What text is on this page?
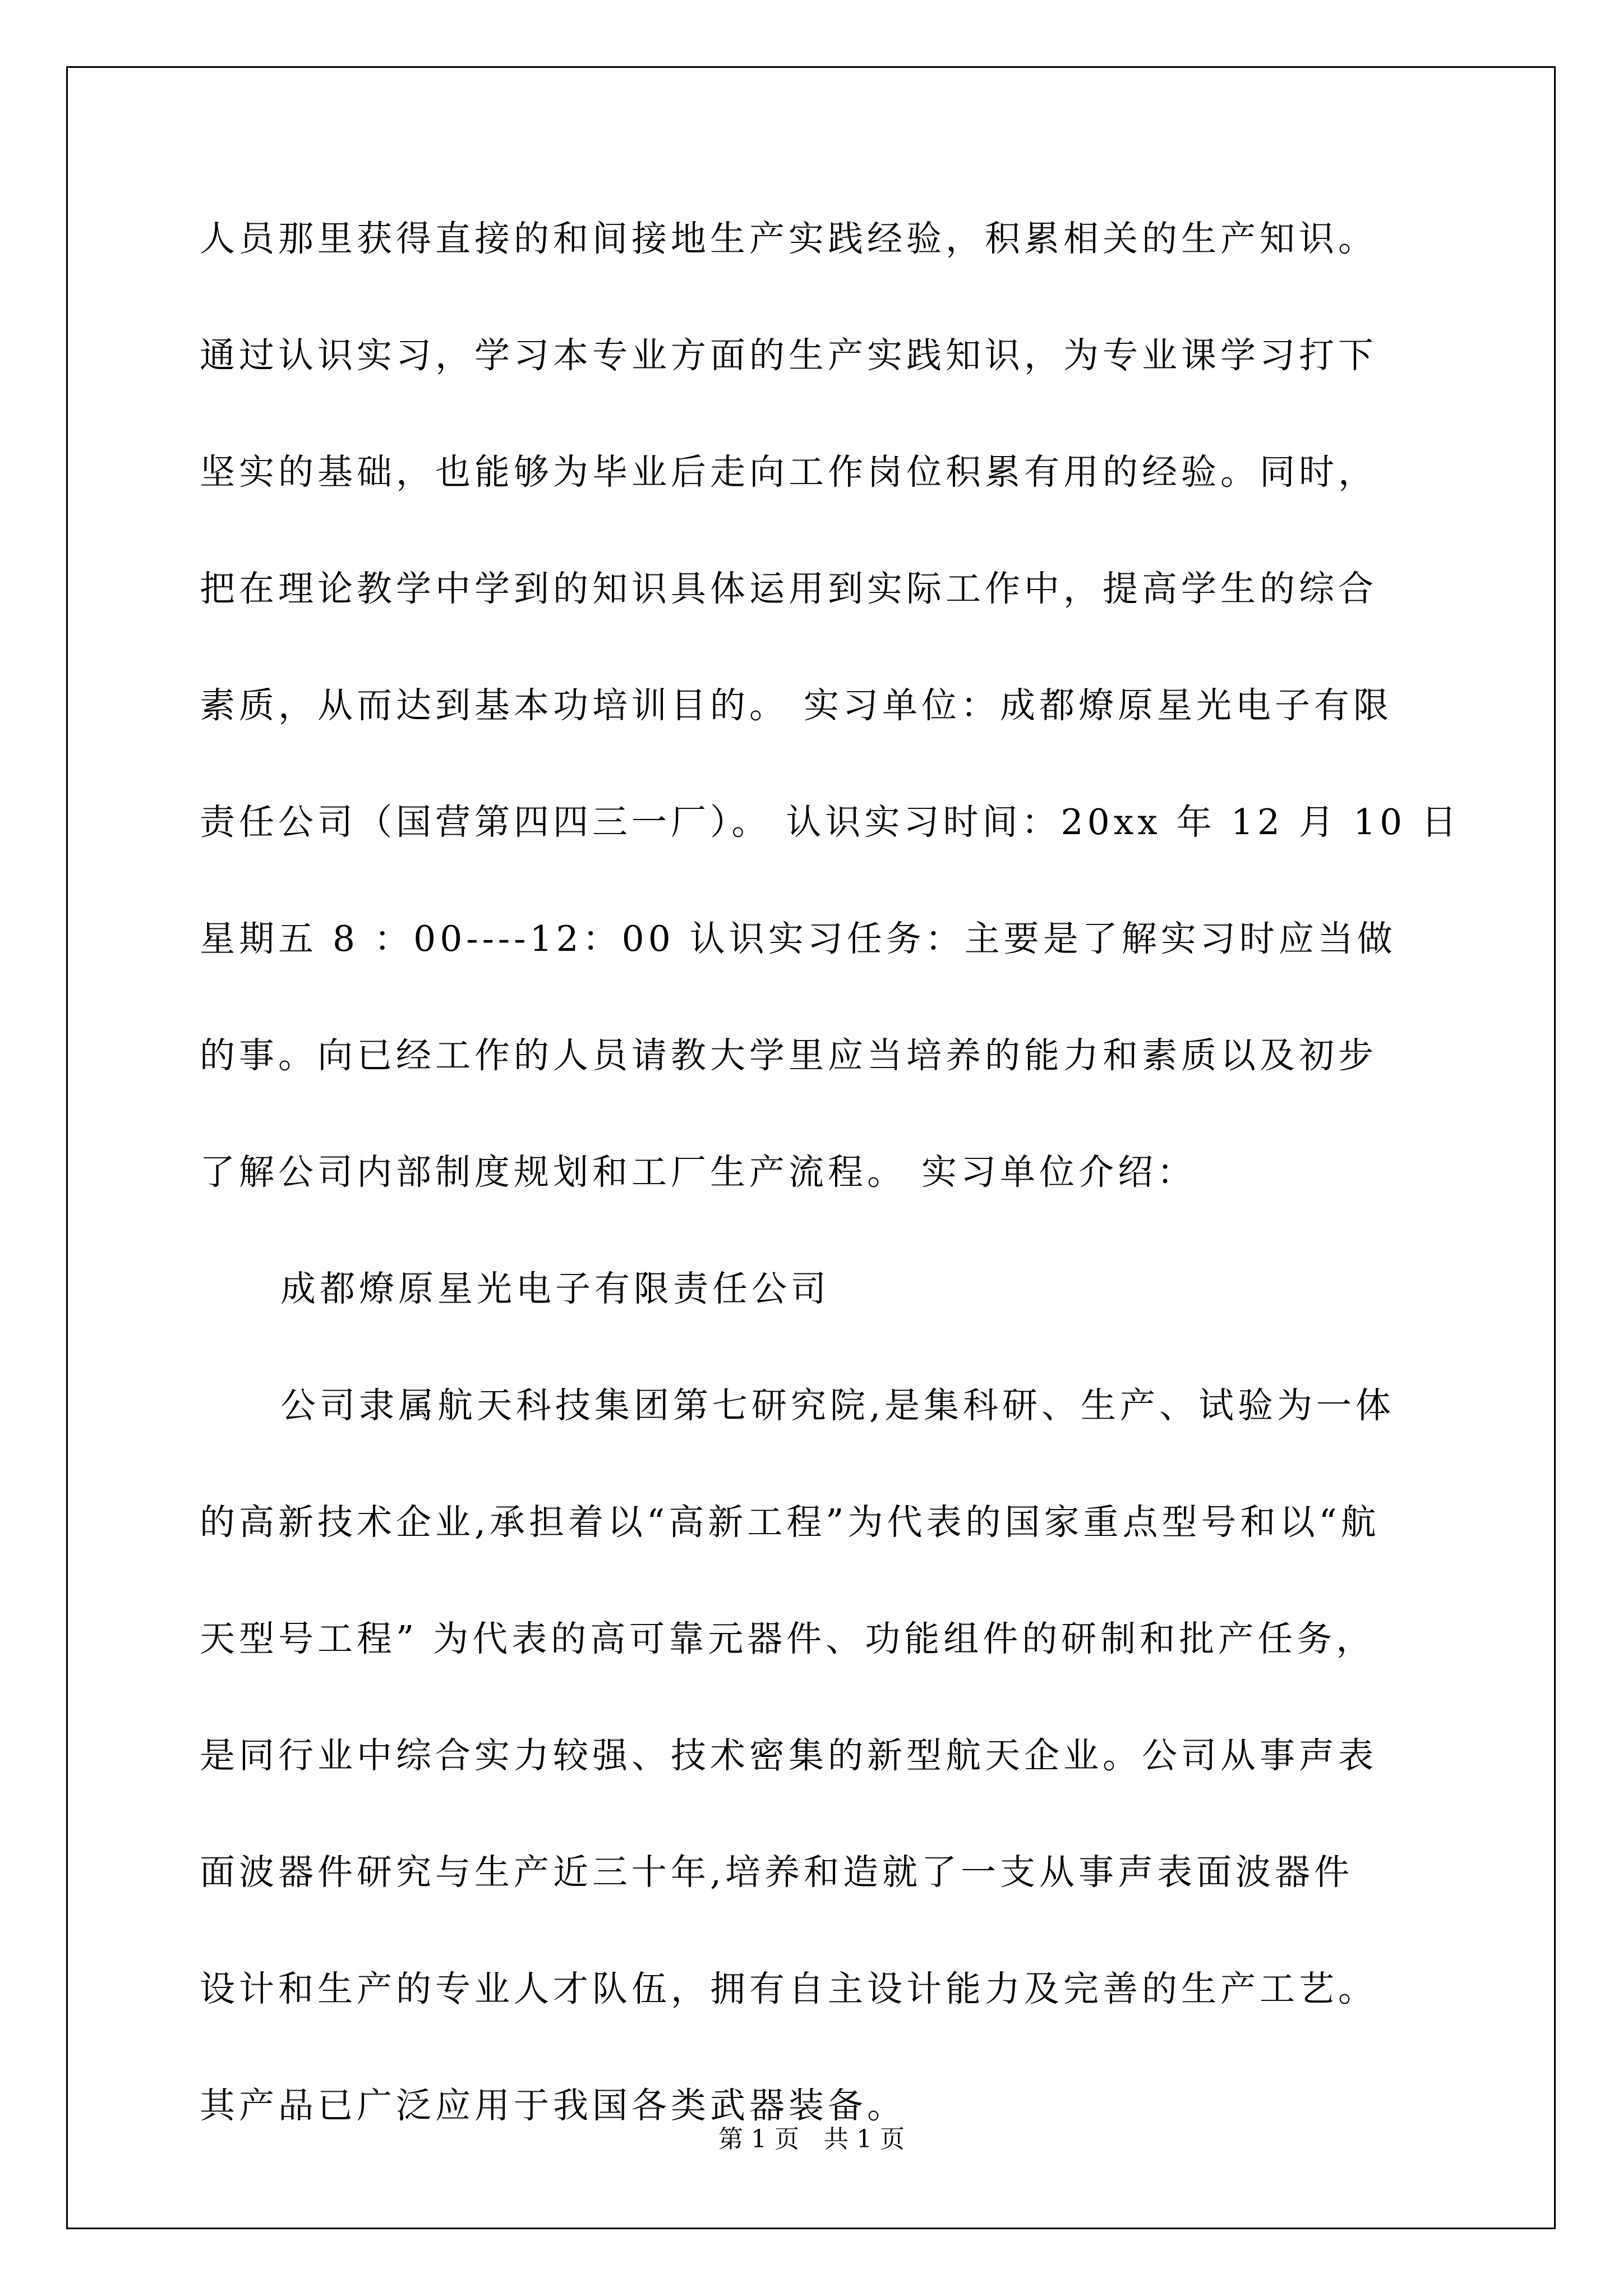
人员那里获得直接的和间接地生产实践经验，积累相关的生产知识。
通过认识实习，学习本专业方面的生产实践知识，为专业课学习打下
坚实的基础，也能够为毕业后走向工作岗位积累有用的经验。同时，
把在理论教学中学到的知识具体运用到实际工作中，提高学生的综合
素质，从而达到基本功培训目的。 实习单位：成都燎原星光电子有限
责任公司（国营第四四三一厂）。 认识实习时间：20xx 年 12 月 10 日
星期五 8 ：00----12：00 认识实习任务：主要是了解实习时应当做
的事。向已经工作的人员请教大学里应当培养的能力和素质以及初步
了解公司内部制度规划和工厂生产流程。 实习单位介绍：
成都燎原星光电子有限责任公司
公司隶属航天科技集团第七研究院,是集科研、生产、试验为一体
的高新技术企业,承担着以“高新工程”为代表的国家重点型号和以“航
天型号工程” 为代表的高可靠元器件、功能组件的研制和批产任务，
是同行业中综合实力较强、技术密集的新型航天企业。公司从事声表
面波器件研究与生产近三十年,培养和造就了一支从事声表面波器件
设计和生产的专业人才队伍，拥有自主设计能力及完善的生产工艺。
其产品已广泛应用于我国各类武器装备。
第 1 页　共 1 页
